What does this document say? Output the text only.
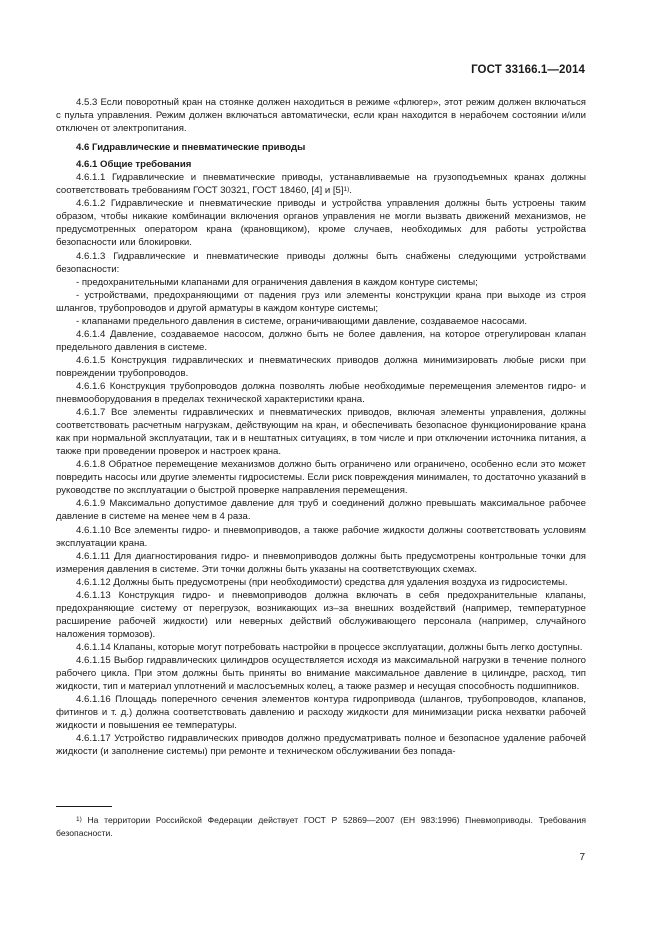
ГОСТ 33166.1—2014

4.5.3 Если поворотный кран на стоянке должен находиться в режиме «флюгер», этот режим должен включаться с пульта управления. Режим должен включаться автоматически, если кран находится в нерабочем состоянии и/или отключен от электропитания.

4.6 Гидравлические и пневматические приводы

4.6.1 Общие требования

4.6.1.1 Гидравлические и пневматические приводы, устанавливаемые на грузоподъемных кранах должны соответствовать требованиям ГОСТ 30321, ГОСТ 18460, [4] и $[5]^{1)}$.

4.6.1.2 Гидравлические и пневматические приводы и устройства управления должны быть устроены таким образом, чтобы никакие комбинации включения органов управления не могли вызвать движений механизмов, не предусмотренных оператором крана (крановщиком), кроме случаев, необходимых для работы устройства безопасности или блокировки.

4.6.1.3 Гидравлические и пневматические приводы должны быть снабжены следующими устройствами безопасности:

- предохранительными клапанами для ограничения давления в каждом контуре системы;

- устройствами, предохраняющими от падения груз или элементы конструкции крана при выходе из строя шлангов, трубопроводов и другой арматуры в каждом контуре системы;

- клапанами предельного давления в системе, ограничивающими давление, создаваемое насосами.

4.6.1.4 Давление, создаваемое насосом, должно быть не более давления, на которое отрегулирован клапан предельного давления в системе.

4.6.1.5 Конструкция гидравлических и пневматических приводов должна минимизировать любые риски при повреждении трубопроводов.

4.6.1.6 Конструкция трубопроводов должна позволять любые необходимые перемещения элементов гидро- и пневмооборудования в пределах технической характеристики крана.

4.6.1.7 Все элементы гидравлических и пневматических приводов, включая элементы управления, должны соответствовать расчетным нагрузкам, действующим на кран, и обеспечивать безопасное функционирование крана как при нормальной эксплуатации, так и в нештатных ситуациях, в том числе и при отключении источника питания, а также при проведении проверок и настроек крана.

4.6.1.8 Обратное перемещение механизмов должно быть ограничено или ограничено, особенно если это может повредить насосы или другие элементы гидросистемы. Если риск повреждения минимален, то достаточно указаний в руководстве по эксплуатации о быстрой проверке направления перемещения.

4.6.1.9 Максимально допустимое давление для труб и соединений должно превышать максимальное рабочее давление в системе на менее чем в 4 раза.

4.6.1.10 Все элементы гидро- и пневмоприводов, а также рабочие жидкости должны соответствовать условиям эксплуатации крана.

4.6.1.11 Для диагностирования гидро- и пневмоприводов должны быть предусмотрены контрольные точки для измерения давления в системе. Эти точки должны быть указаны на соответствующих схемах.

4.6.1.12 Должны быть предусмотрены (при необходимости) средства для удаления воздуха из гидросистемы.

4.6.1.13 Конструкция гидро- и пневмоприводов должна включать в себя предохранительные клапаны, предохраняющие систему от перегрузок, возникающих из–за внешних воздействий (например, температурное расширение рабочей жидкости) или неверных действий обслуживающего персонала (например, случайного наложения тормозов).

4.6.1.14 Клапаны, которые могут потребовать настройки в процессе эксплуатации, должны быть легко доступны.

4.6.1.15 Выбор гидравлических цилиндров осуществляется исходя из максимальной нагрузки в течение полного рабочего цикла. При этом должны быть приняты во внимание максимальное давление в цилиндре, расход, тип жидкости, тип и материал уплотнений и маслосъемных колец, а также размер и несущая способность подшипников.

4.6.1.16 Площадь поперечного сечения элементов контура гидропривода (шлангов, трубопроводов, клапанов, фитингов и т. д.) должна соответствовать давлению и расходу жидкости для минимизации риска нехватки рабочей жидкости и повышения ее температуры.

4.6.1.17 Устройство гидравлических приводов должно предусматривать полное и безопасное удаление рабочей жидкости (и заполнение системы) при ремонте и техническом обслуживании без попада-

$^{1)}$ На территории Российской Федерации действует ГОСТ Р 52869—2007 (ЕН 983:1996) Пневмоприводы. Требования безопасности.

7
